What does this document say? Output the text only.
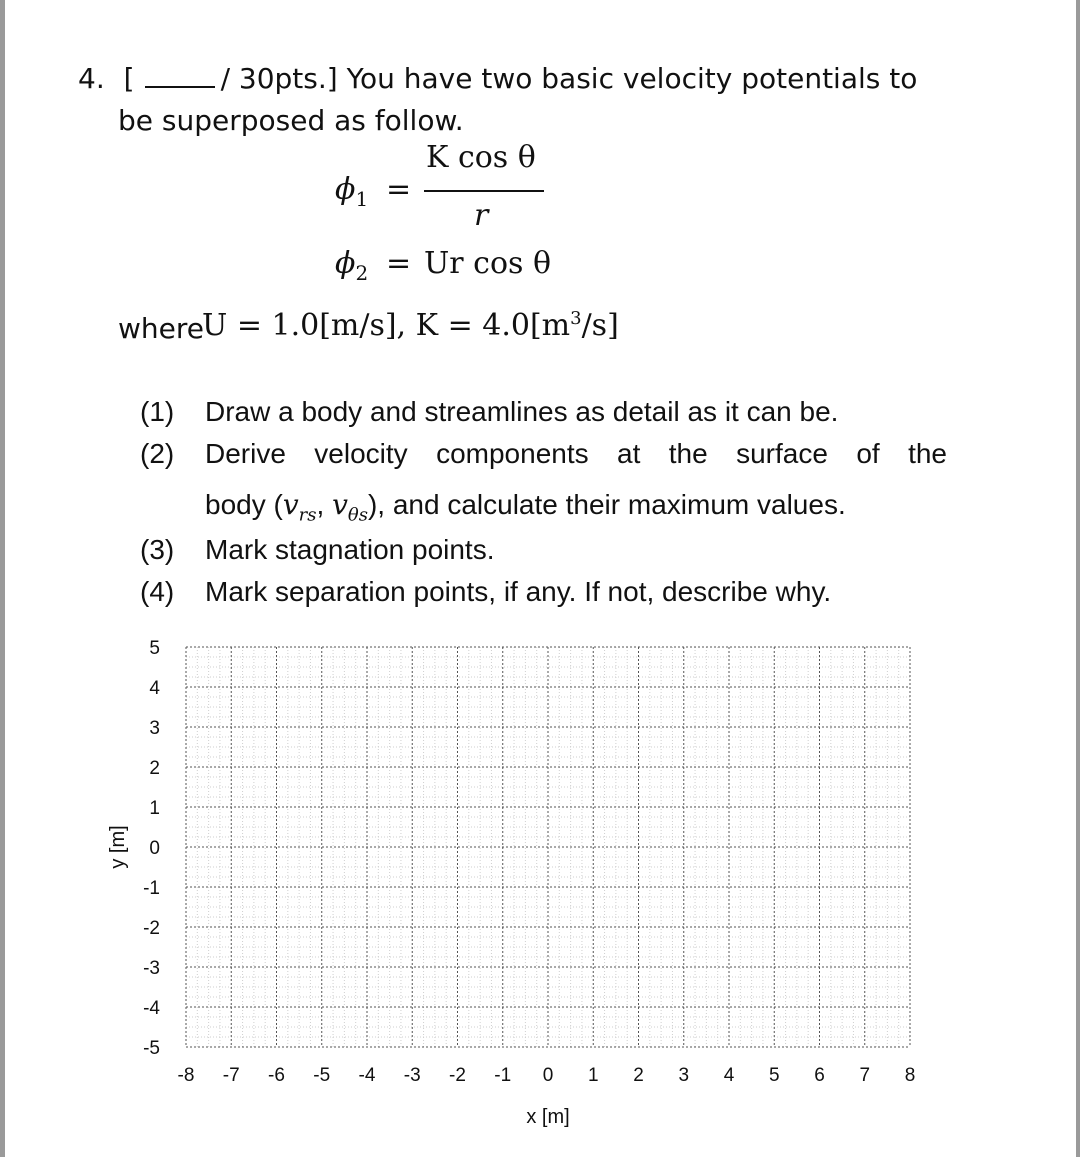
4. [	/ 30pts.] You have two basic velocity potentials to
be superposed as follow.
$\phi_1$ =
K cos θ
r
$\phi_2 = Ur$ cos θ
where
U = 1.0[m/s], $K = 4.0[m^3/s]$
(1) Draw a body and streamlines as detail as it can be.
(2) Derive velocity components at the surface of the
body ($v_{rs}$, $v_{\theta s}$), and calculate their maximum values.
(3) Mark stagnation points.
(4) Mark separation points, if any. If not, describe why.
-8 -7 -6 -5 -4 -3 -2 -1 0 1 2 3 4 5 6 7 8
5
4
3
2
1
0
-1
-2
-3
-4
-5
x [m]
y [m]
